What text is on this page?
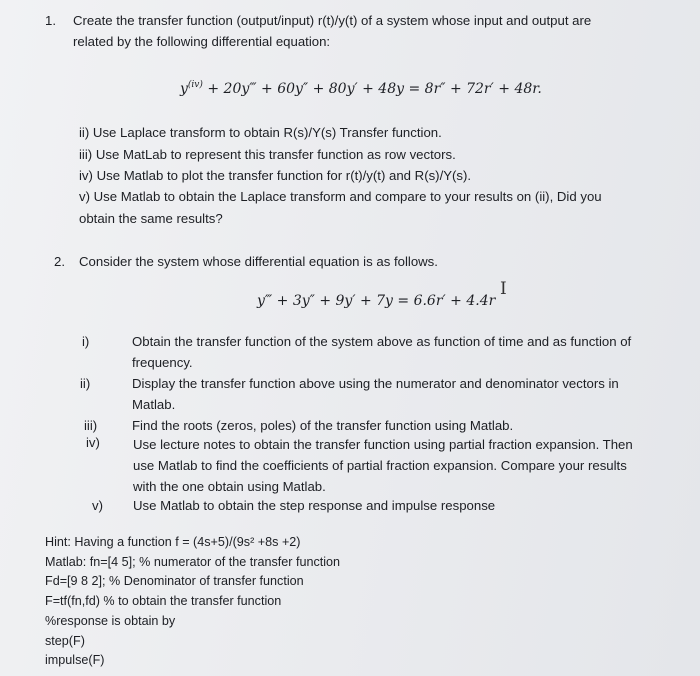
1. Create the transfer function (output/input) r(t)/y(t) of a system whose input and output are
related by the following differential equation:
$y^{(iv)}$ + 20y‴ + 60y″ + 80y′ + 48y = 8r″ + 72r′ + 48r.
ii) Use Laplace transform to obtain R(s)/Y(s) Transfer function.
iii) Use MatLab to represent this transfer function as row vectors.
iv) Use Matlab to plot the transfer function for r(t)/y(t) and R(s)/Y(s).
v) Use Matlab to obtain the Laplace transform and compare to your results on (ii), Did you
obtain the same results?
2. Consider the system whose differential equation is as follows.
y‴ + 3y″ + 9y′ + 7y = 6.6r′ + 4.4r
I
i)	Obtain the transfer function of the system above as function of time and as function of
frequency.
ii)	Display the transfer function above using the numerator and denominator vectors in
Matlab.
iii)	Find the roots (zeros, poles) of the transfer function using Matlab.
iv)	Use lecture notes to obtain the transfer function using partial fraction expansion. Then
use Matlab to find the coefficients of partial fraction expansion. Compare your results
with the one obtain using Matlab.
v) Use Matlab to obtain the step response and impulse response
Hint: Having a function f = (4s+5)/(9s² +8s +2)
Matlab: fn=[4 5]; % numerator of the transfer function
Fd=[9 8 2]; % Denominator of transfer function
F=tf(fn,fd) % to obtain the transfer function
%response is obtain by
step(F)
impulse(F)
